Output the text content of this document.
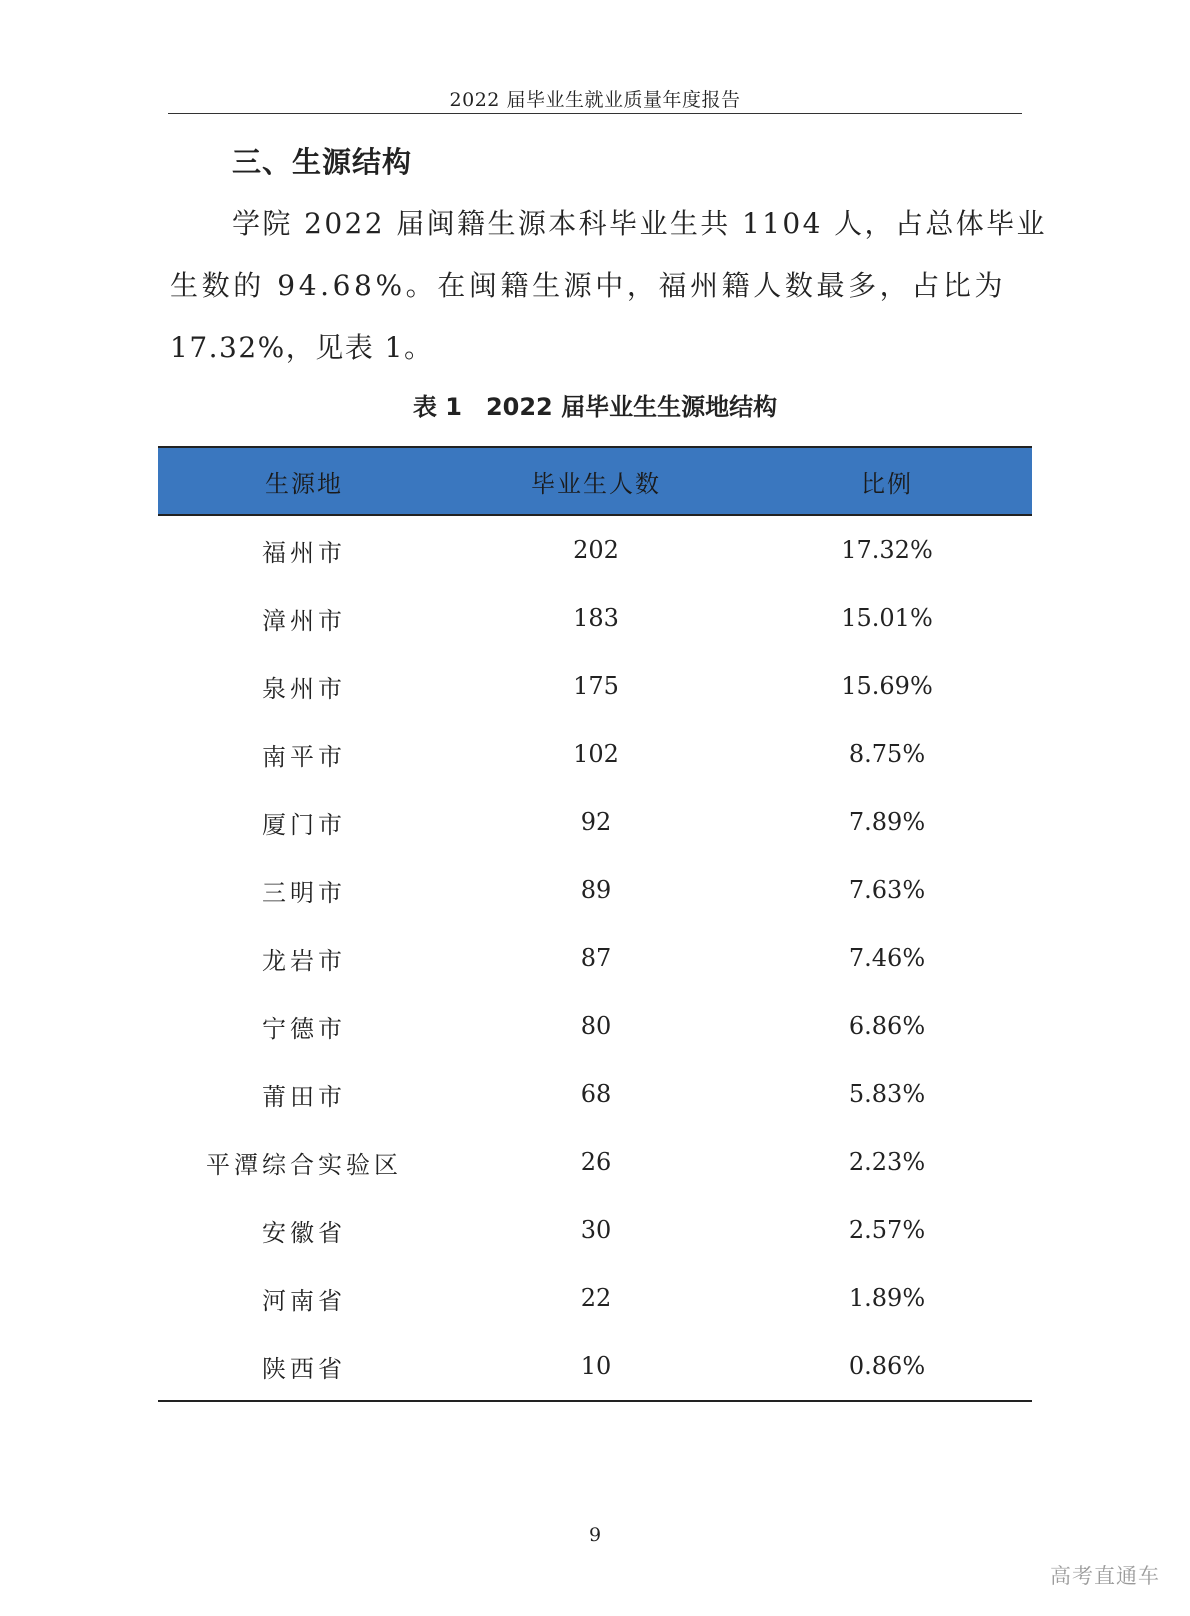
2022 届毕业生就业质量年度报告
三、生源结构
学院 2022 届闽籍生源本科毕业生共 1104 人，占总体毕业
生数的 94.68%。在闽籍生源中，福州籍人数最多，占比为
17.32%，见表 1。
表 1　2022 届毕业生生源地结构
生源地	毕业生人数	比例
福州市	202	17.32%
漳州市	183	15.01%
泉州市	175	15.69%
南平市	102	8.75%
厦门市	92	7.89%
三明市	89	7.63%
龙岩市	87	7.46%
宁德市	80	6.86%
莆田市	68	5.83%
平潭综合实验区	26	2.23%
安徽省	30	2.57%
河南省	22	1.89%
陕西省	10	0.86%
9
高考直通车
